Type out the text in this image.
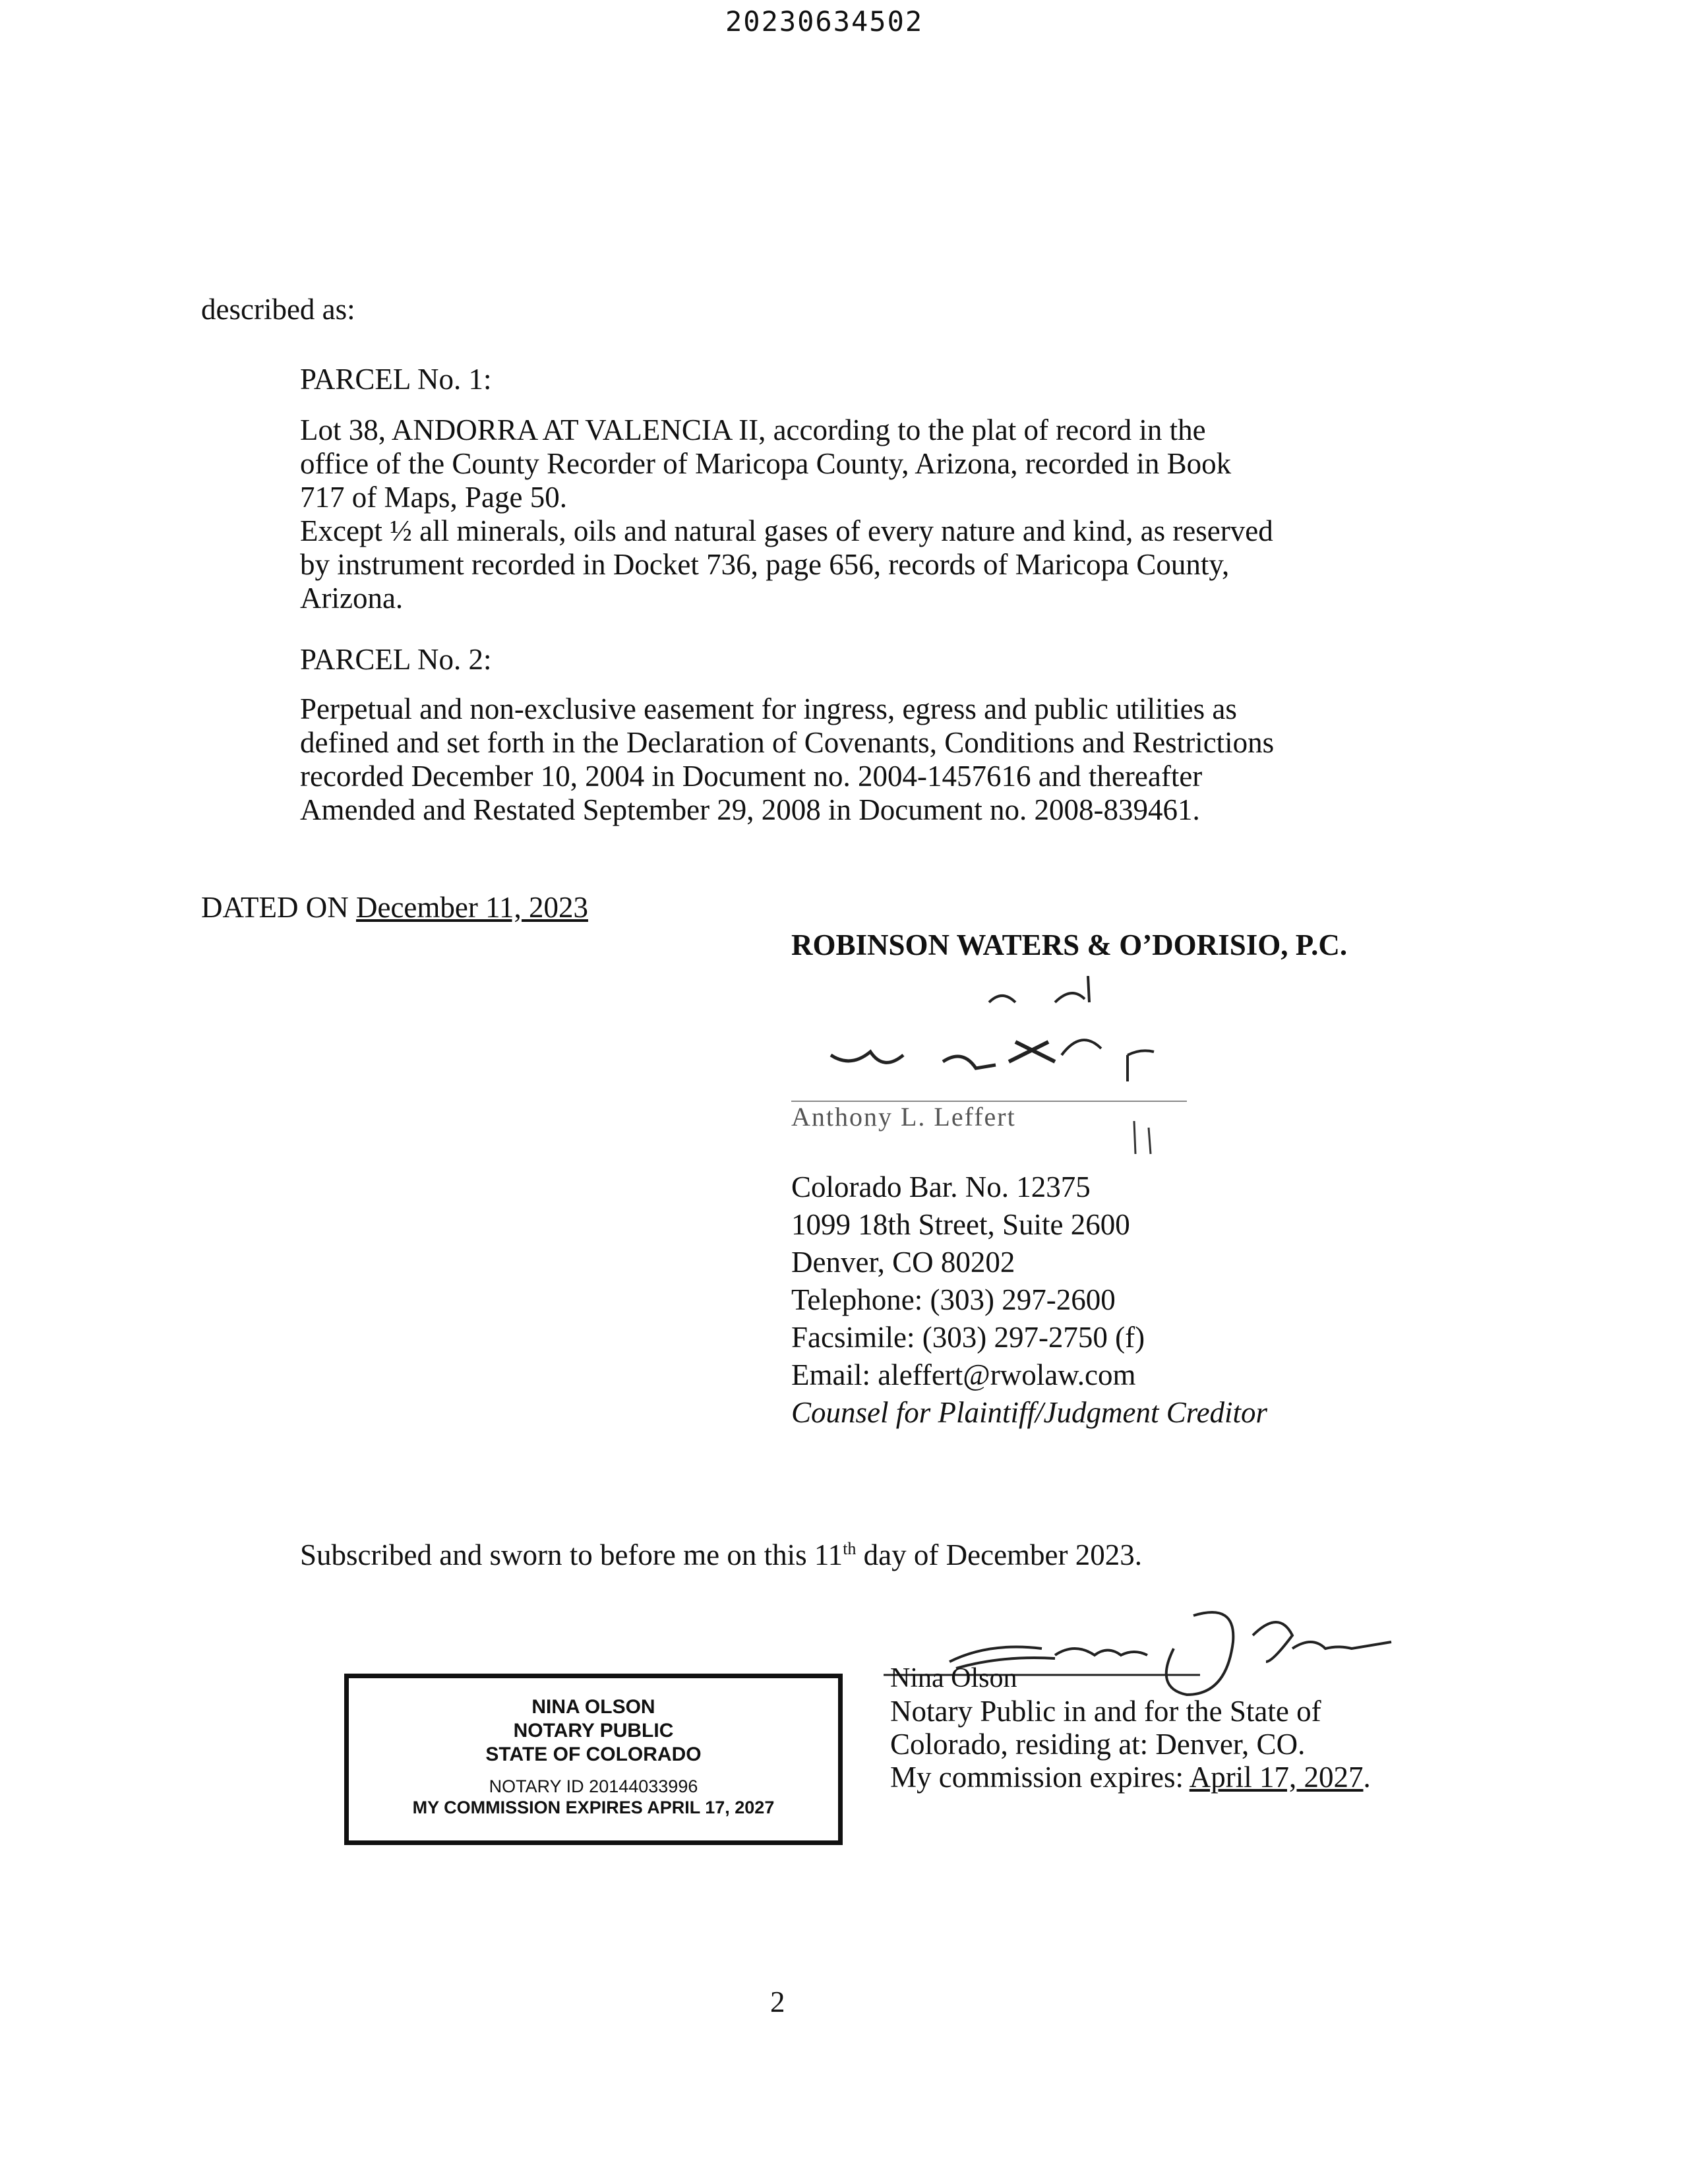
20230634502
described as:
PARCEL No. 1:
Lot 38, ANDORRA AT VALENCIA II, according to the plat of record in the
office of the County Recorder of Maricopa County, Arizona, recorded in Book
717 of Maps, Page 50.
Except ½ all minerals, oils and natural gases of every nature and kind, as reserved
by instrument recorded in Docket 736, page 656, records of Maricopa County,
Arizona.
PARCEL No. 2:
Perpetual and non-exclusive easement for ingress, egress and public utilities as
defined and set forth in the Declaration of Covenants, Conditions and Restrictions
recorded December 10, 2004 in Document no. 2004-1457616 and thereafter
Amended and Restated September 29, 2008 in Document no. 2008-839461.
DATED ON December 11, 2023
ROBINSON WATERS & O’DORISIO, P.C.
Anthony L. Leffert
Colorado Bar. No. 12375
1099 18th Street, Suite 2600
Denver, CO 80202
Telephone: (303) 297-2600
Facsimile: (303) 297-2750 (f)
Email: aleffert@rwolaw.com
Counsel for Plaintiff/Judgment Creditor
Subscribed and sworn to before me on this 11th day of December 2023.
NINA OLSON
NOTARY PUBLIC
STATE OF COLORADO
NOTARY ID 20144033996
MY COMMISSION EXPIRES APRIL 17, 2027
Nina Olson
Notary Public in and for the State of
Colorado, residing at: Denver, CO.
My commission expires: April 17, 2027.
2
